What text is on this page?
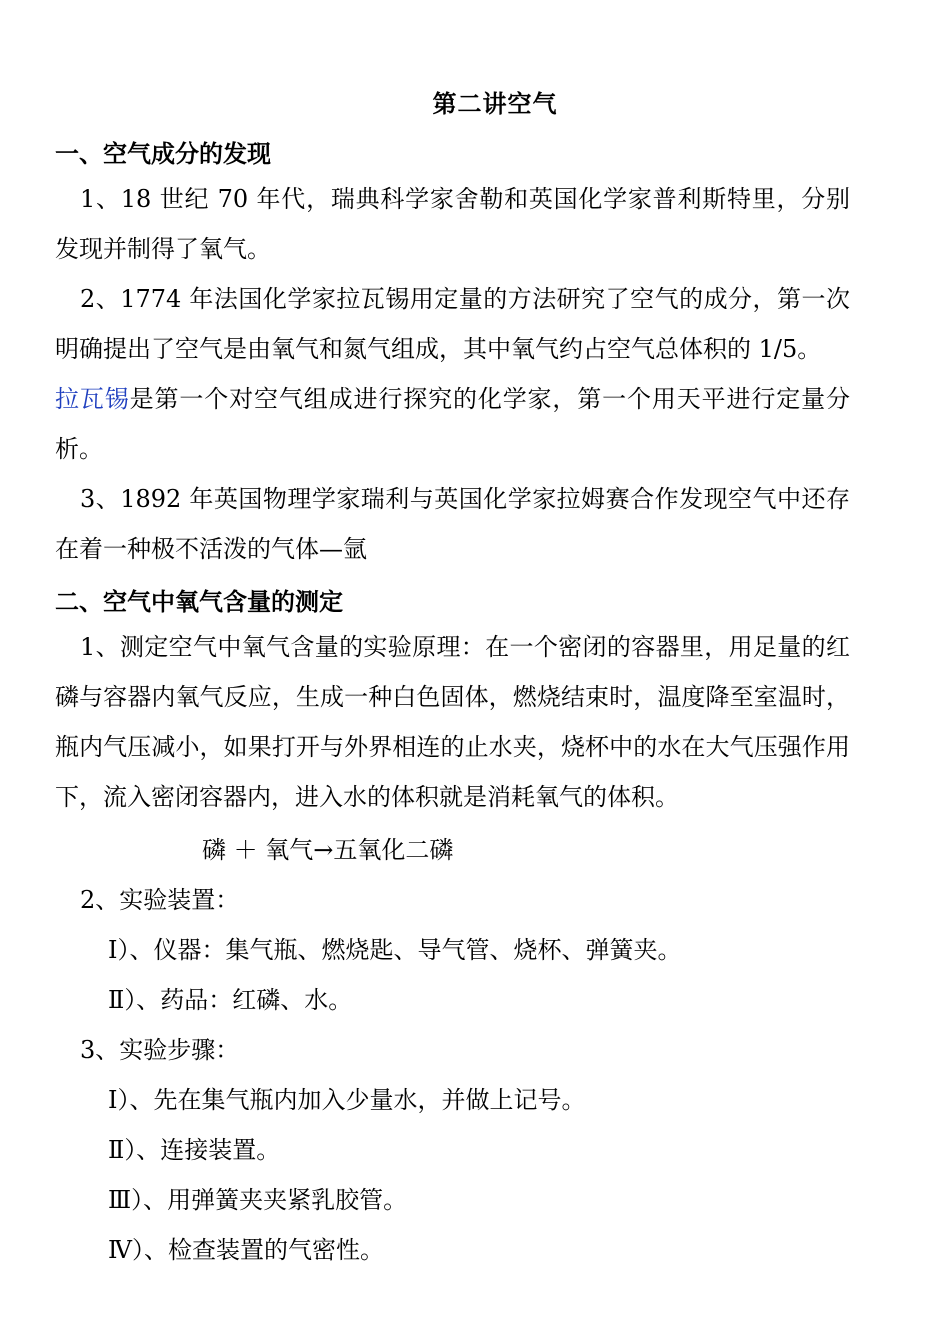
第二讲空气
一、空气成分的发现
1、18 世纪 70 年代，瑞典科学家舍勒和英国化学家普利斯特里，分别发现并制得了氧气。
2、1774 年法国化学家拉瓦锡用定量的方法研究了空气的成分，第一次明确提出了空气是由氧气和氮气组成，其中氧气约占空气总体积的 1/5。
拉瓦锡是第一个对空气组成进行探究的化学家，第一个用天平进行定量分析。
3、1892 年英国物理学家瑞利与英国化学家拉姆赛合作发现空气中还存在着一种极不活泼的气体—氩
二、空气中氧气含量的测定
1、测定空气中氧气含量的实验原理：在一个密闭的容器里，用足量的红磷与容器内氧气反应，生成一种白色固体，燃烧结束时，温度降至室温时，瓶内气压减小，如果打开与外界相连的止水夹，烧杯中的水在大气压强作用下，流入密闭容器内，进入水的体积就是消耗氧气的体积。
磷 ＋ 氧气→五氧化二磷
2、实验装置：
Ⅰ）、仪器：集气瓶、燃烧匙、导气管、烧杯、弹簧夹。
Ⅱ）、药品：红磷、水。
3、实验步骤：
Ⅰ）、先在集气瓶内加入少量水，并做上记号。
Ⅱ）、连接装置。
Ⅲ）、用弹簧夹夹紧乳胶管。
Ⅳ）、检查装置的气密性。
